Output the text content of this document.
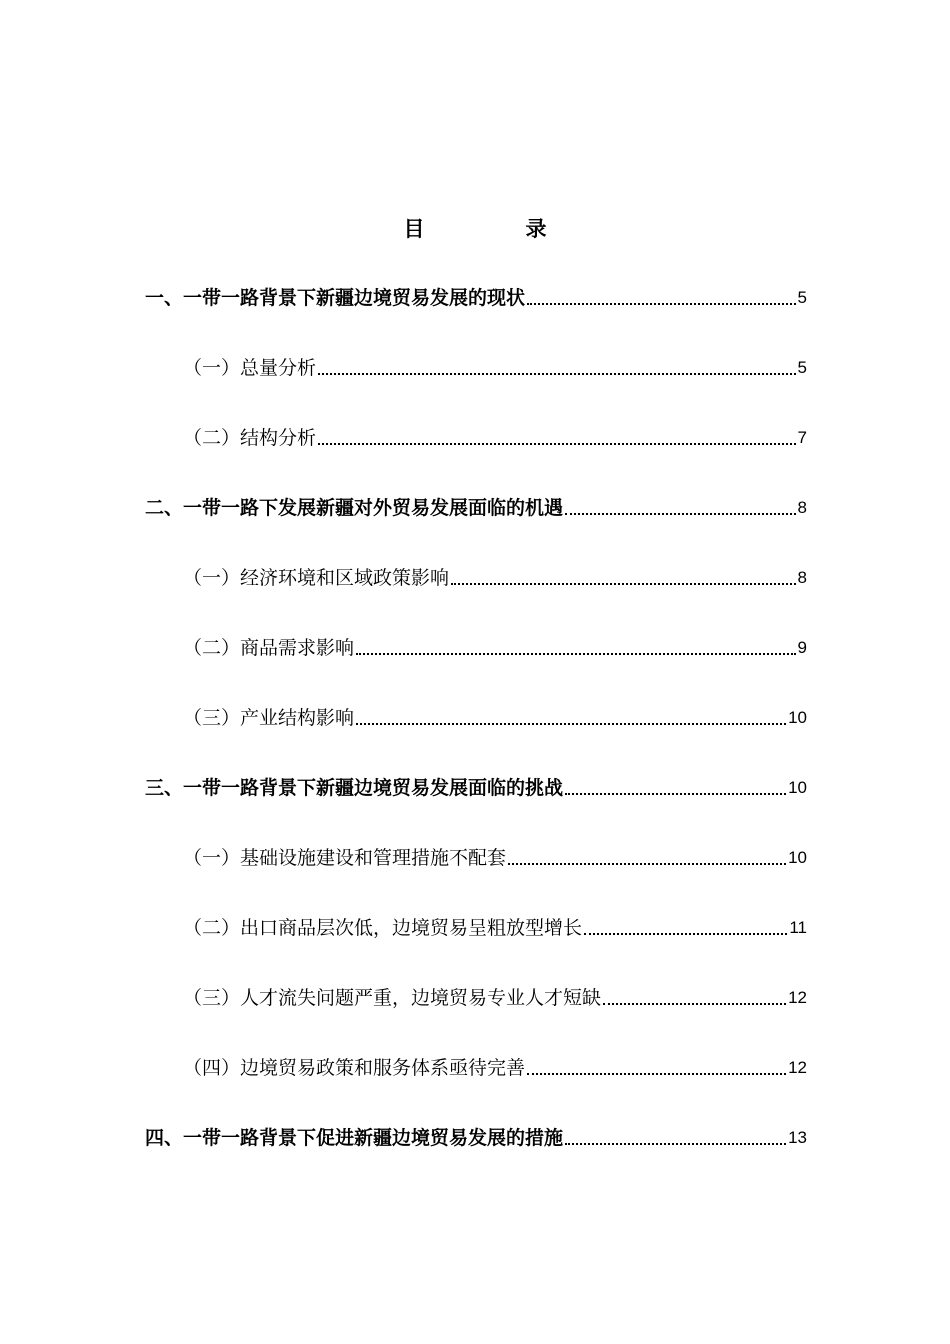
目　录
一、一带一路背景下新疆边境贸易发展的现状	5
（一）总量分析	5
（二）结构分析	7
二、一带一路下发展新疆对外贸易发展面临的机遇	8
（一）经济环境和区域政策影响	8
（二）商品需求影响	9
（三）产业结构影响	10
三、一带一路背景下新疆边境贸易发展面临的挑战	10
（一）基础设施建设和管理措施不配套	10
（二）出口商品层次低，边境贸易呈粗放型增长	11
（三）人才流失问题严重，边境贸易专业人才短缺	12
（四）边境贸易政策和服务体系亟待完善	12
四、一带一路背景下促进新疆边境贸易发展的措施	13
